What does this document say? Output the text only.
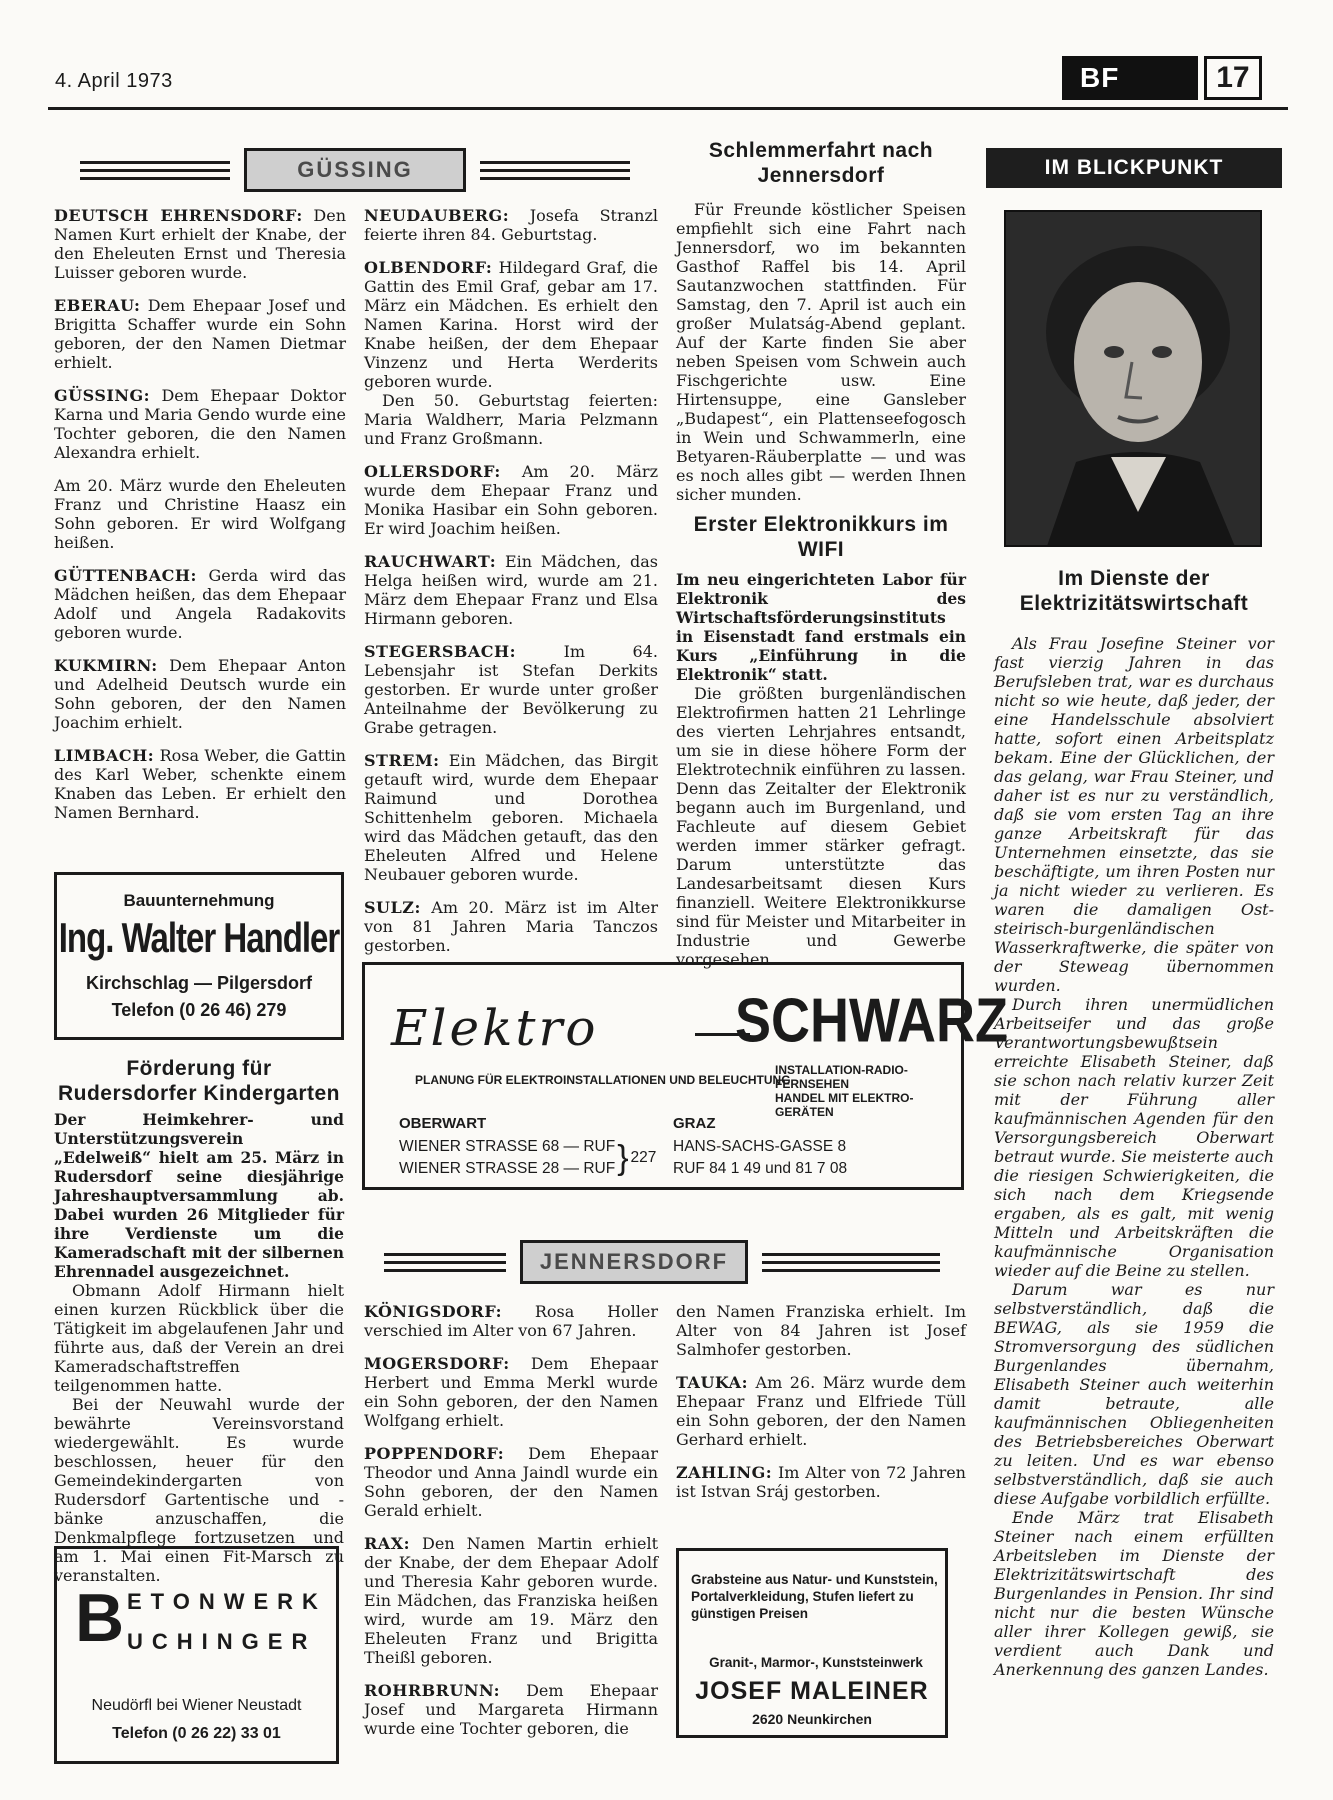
4. April 1973	BF	17
GÜSSING

DEUTSCH EHRENSDORF: Den Namen Kurt erhielt der Knabe, der den Eheleuten Ernst und Theresia Luisser geboren wurde.

EBERAU: Dem Ehepaar Josef und Brigitta Schaffer wurde ein Sohn geboren, der den Namen Dietmar erhielt.

GÜSSING: Dem Ehepaar Doktor Karna und Maria Gendo wurde eine Tochter geboren, die den Namen Alexandra erhielt.

Am 20. März wurde den Eheleuten Franz und Christine Haasz ein Sohn geboren. Er wird Wolfgang heißen.

GÜTTENBACH: Gerda wird das Mädchen heißen, das dem Ehepaar Adolf und Angela Radakovits geboren wurde.

KUKMIRN: Dem Ehepaar Anton und Adelheid Deutsch wurde ein Sohn geboren, der den Namen Joachim erhielt.

LIMBACH: Rosa Weber, die Gattin des Karl Weber, schenkte einem Knaben das Leben. Er erhielt den Namen Bernhard.

NEUDAUBERG: Josefa Stranzl feierte ihren 84. Geburtstag.

OLBENDORF: Hildegard Graf, die Gattin des Emil Graf, gebar am 17. März ein Mädchen. Es erhielt den Namen Karina. Horst wird der Knabe heißen, der dem Ehepaar Vinzenz und Herta Werderits geboren wurde.

Den 50. Geburtstag feierten: Maria Waldherr, Maria Pelzmann und Franz Großmann.

OLLERSDORF: Am 20. März wurde dem Ehepaar Franz und Monika Hasibar ein Sohn geboren. Er wird Joachim heißen.

RAUCHWART: Ein Mädchen, das Helga heißen wird, wurde am 21. März dem Ehepaar Franz und Elsa Hirmann geboren.

STEGERSBACH:	Im 64. Lebensjahr ist Stefan Derkits gestorben. Er wurde unter großer Anteilnahme der Bevölkerung zu Grabe getragen.

STREM: Ein Mädchen, das Birgit getauft wird, wurde dem Ehepaar Raimund und Dorothea Schittenhelm geboren. Michaela wird das Mädchen getauft, das den Eheleuten Alfred und Helene Neubauer geboren wurde.

SULZ: Am 20. März ist im Alter von 81 Jahren Maria Tanczos gestorben.

Schlemmerfahrt nach Jennersdorf

Für Freunde köstlicher Speisen empfiehlt sich eine Fahrt nach Jennersdorf, wo im bekannten Gasthof Raffel bis 14. April Sautanzwochen stattfinden. Für Samstag, den 7. April ist auch ein großer Mulatság-Abend geplant. Auf der Karte finden Sie aber neben Speisen vom Schwein auch Fischgerichte usw. Eine Hirtensuppe, eine Gansleber „Budapest“, ein Plattenseefogosch in Wein und Schwammerln, eine Betyaren-Räuberplatte — und was es noch alles gibt — werden Ihnen sicher munden.

Erster Elektronikkurs im WIFI

Im neu eingerichteten Labor für Elektronik des Wirtschaftsförderungsinstituts in Eisenstadt fand erstmals ein Kurs „Einführung in die Elektronik“ statt.

Die größten burgenländischen Elektrofirmen hatten 21 Lehrlinge des vierten Lehrjahres entsandt, um sie in diese höhere Form der Elektrotechnik einführen zu lassen. Denn das Zeitalter der Elektronik begann auch im Burgenland, und Fachleute auf diesem Gebiet werden immer stärker gefragt. Darum unterstützte das Landesarbeitsamt diesen Kurs finanziell. Weitere Elektronikkurse sind für Meister und Mitarbeiter in Industrie und Gewerbe vorgesehen.

IM BLICKPUNKT
Im Dienste der Elektrizitätswirtschaft

Als Frau Josefine Steiner vor fast vierzig Jahren in das Berufsleben trat, war es durchaus nicht so wie heute, daß jeder, der eine Handelsschule absolviert hatte, sofort einen Arbeitsplatz bekam. Eine der Glücklichen, der das gelang, war Frau Steiner, und daher ist es nur zu verständlich, daß sie vom ersten Tag an ihre ganze Arbeitskraft für das Unternehmen einsetzte, das sie beschäftigte, um ihren Posten nur ja nicht wieder zu verlieren. Es waren die damaligen Ost-steirisch-burgenländischen Wasserkraftwerke, die später von der Steweag übernommen wurden.

Durch ihren unermüdlichen Arbeitseifer und das große Verantwortungsbewußtsein erreichte Elisabeth Steiner, daß sie schon nach relativ kurzer Zeit mit der Führung aller kaufmännischen Agenden für den Versorgungsbereich Oberwart betraut wurde. Sie meisterte auch die riesigen Schwierigkeiten, die sich nach dem Kriegsende ergaben, als es galt, mit wenig Mitteln und Arbeitskräften die kaufmännische Organisation wieder auf die Beine zu stellen.

Darum war es nur selbstverständlich, daß die BEWAG, als sie 1959 die Stromversorgung des südlichen Burgenlandes übernahm, Elisabeth Steiner auch weiterhin damit betraute, alle kaufmännischen Obliegenheiten des Betriebsbereiches Oberwart zu leiten. Und es war ebenso selbstverständlich, daß sie auch diese Aufgabe vorbildlich erfüllte.

Ende März trat Elisabeth Steiner nach einem erfüllten Arbeitsleben im Dienste der Elektrizitätswirtschaft des Burgenlandes in Pension. Ihr sind nicht nur die besten Wünsche aller ihrer Kollegen gewiß, sie verdient auch Dank und Anerkennung des ganzen Landes.

Bauunternehmung
Ing. Walter Handler
Kirchschlag — Pilgersdorf
Telefon (0 26 46) 279
Förderung für Rudersdorfer Kindergarten

Der Heimkehrer- und Unterstützungsverein „Edelweiß“ hielt am 25. März in Rudersdorf seine diesjährige Jahreshauptversammlung ab. Dabei wurden 26 Mitglieder für ihre Verdienste um die Kameradschaft mit der silbernen Ehrennadel ausgezeichnet.

Obmann Adolf Hirmann hielt einen kurzen Rückblick über die Tätigkeit im abgelaufenen Jahr und führte aus, daß der Verein an drei Kameradschaftstreffen teilgenommen hatte.

Bei der Neuwahl wurde der bewährte Vereinsvorstand wiedergewählt. Es wurde beschlossen, heuer für den Gemeindekindergarten von Rudersdorf Gartentische und -bänke anzuschaffen, die Denkmalpflege fortzusetzen und am 1. Mai einen Fit-Marsch zu veranstalten.

Elektro	SCHWARZ
PLANUNG FÜR ELEKTROINSTALLATIONEN UND BELEUCHTUNG
INSTALLATION-RADIO-FERNSEHEN
HANDEL MIT ELEKTRO-GERÄTEN
OBERWART
WIENER STRASSE 68 — RUF
WIENER STRASSE 28 — RUF } 227
GRAZ
HANS-SACHS-GASSE 8
RUF 84 1 49 und 81 7 08
JENNERSDORF

KÖNIGSDORF: Rosa Holler verschied im Alter von 67 Jahren.

MOGERSDORF: Dem Ehepaar Herbert und Emma Merkl wurde ein Sohn geboren, der den Namen Wolfgang erhielt.

POPPENDORF: Dem Ehepaar Theodor und Anna Jaindl wurde ein Sohn geboren, der den Namen Gerald erhielt.

RAX: Den Namen Martin erhielt der Knabe, der dem Ehepaar Adolf und Theresia Kahr geboren wurde. Ein Mädchen, das Franziska heißen wird, wurde am 19. März den Eheleuten Franz und Brigitta Theißl geboren.

ROHRBRUNN: Dem Ehepaar Josef und Margareta Hirmann wurde eine Tochter geboren, die

den Namen Franziska erhielt. Im Alter von 84 Jahren ist Josef Salmhofer gestorben.

TAUKA: Am 26. März wurde dem Ehepaar Franz und Elfriede Tüll ein Sohn geboren, der den Namen Gerhard erhielt.

ZAHLING: Im Alter von 72 Jahren ist Istvan Sráj gestorben.

B ETONWERK
UCHINGER
Neudörfl bei Wiener Neustadt
Telefon (0 26 22) 33 01
Grabsteine aus Natur- und Kunststein, Portalverkleidung, Stufen liefert zu günstigen Preisen
Granit-, Marmor-, Kunststeinwerk
JOSEF MALEINER
2620 Neunkirchen
